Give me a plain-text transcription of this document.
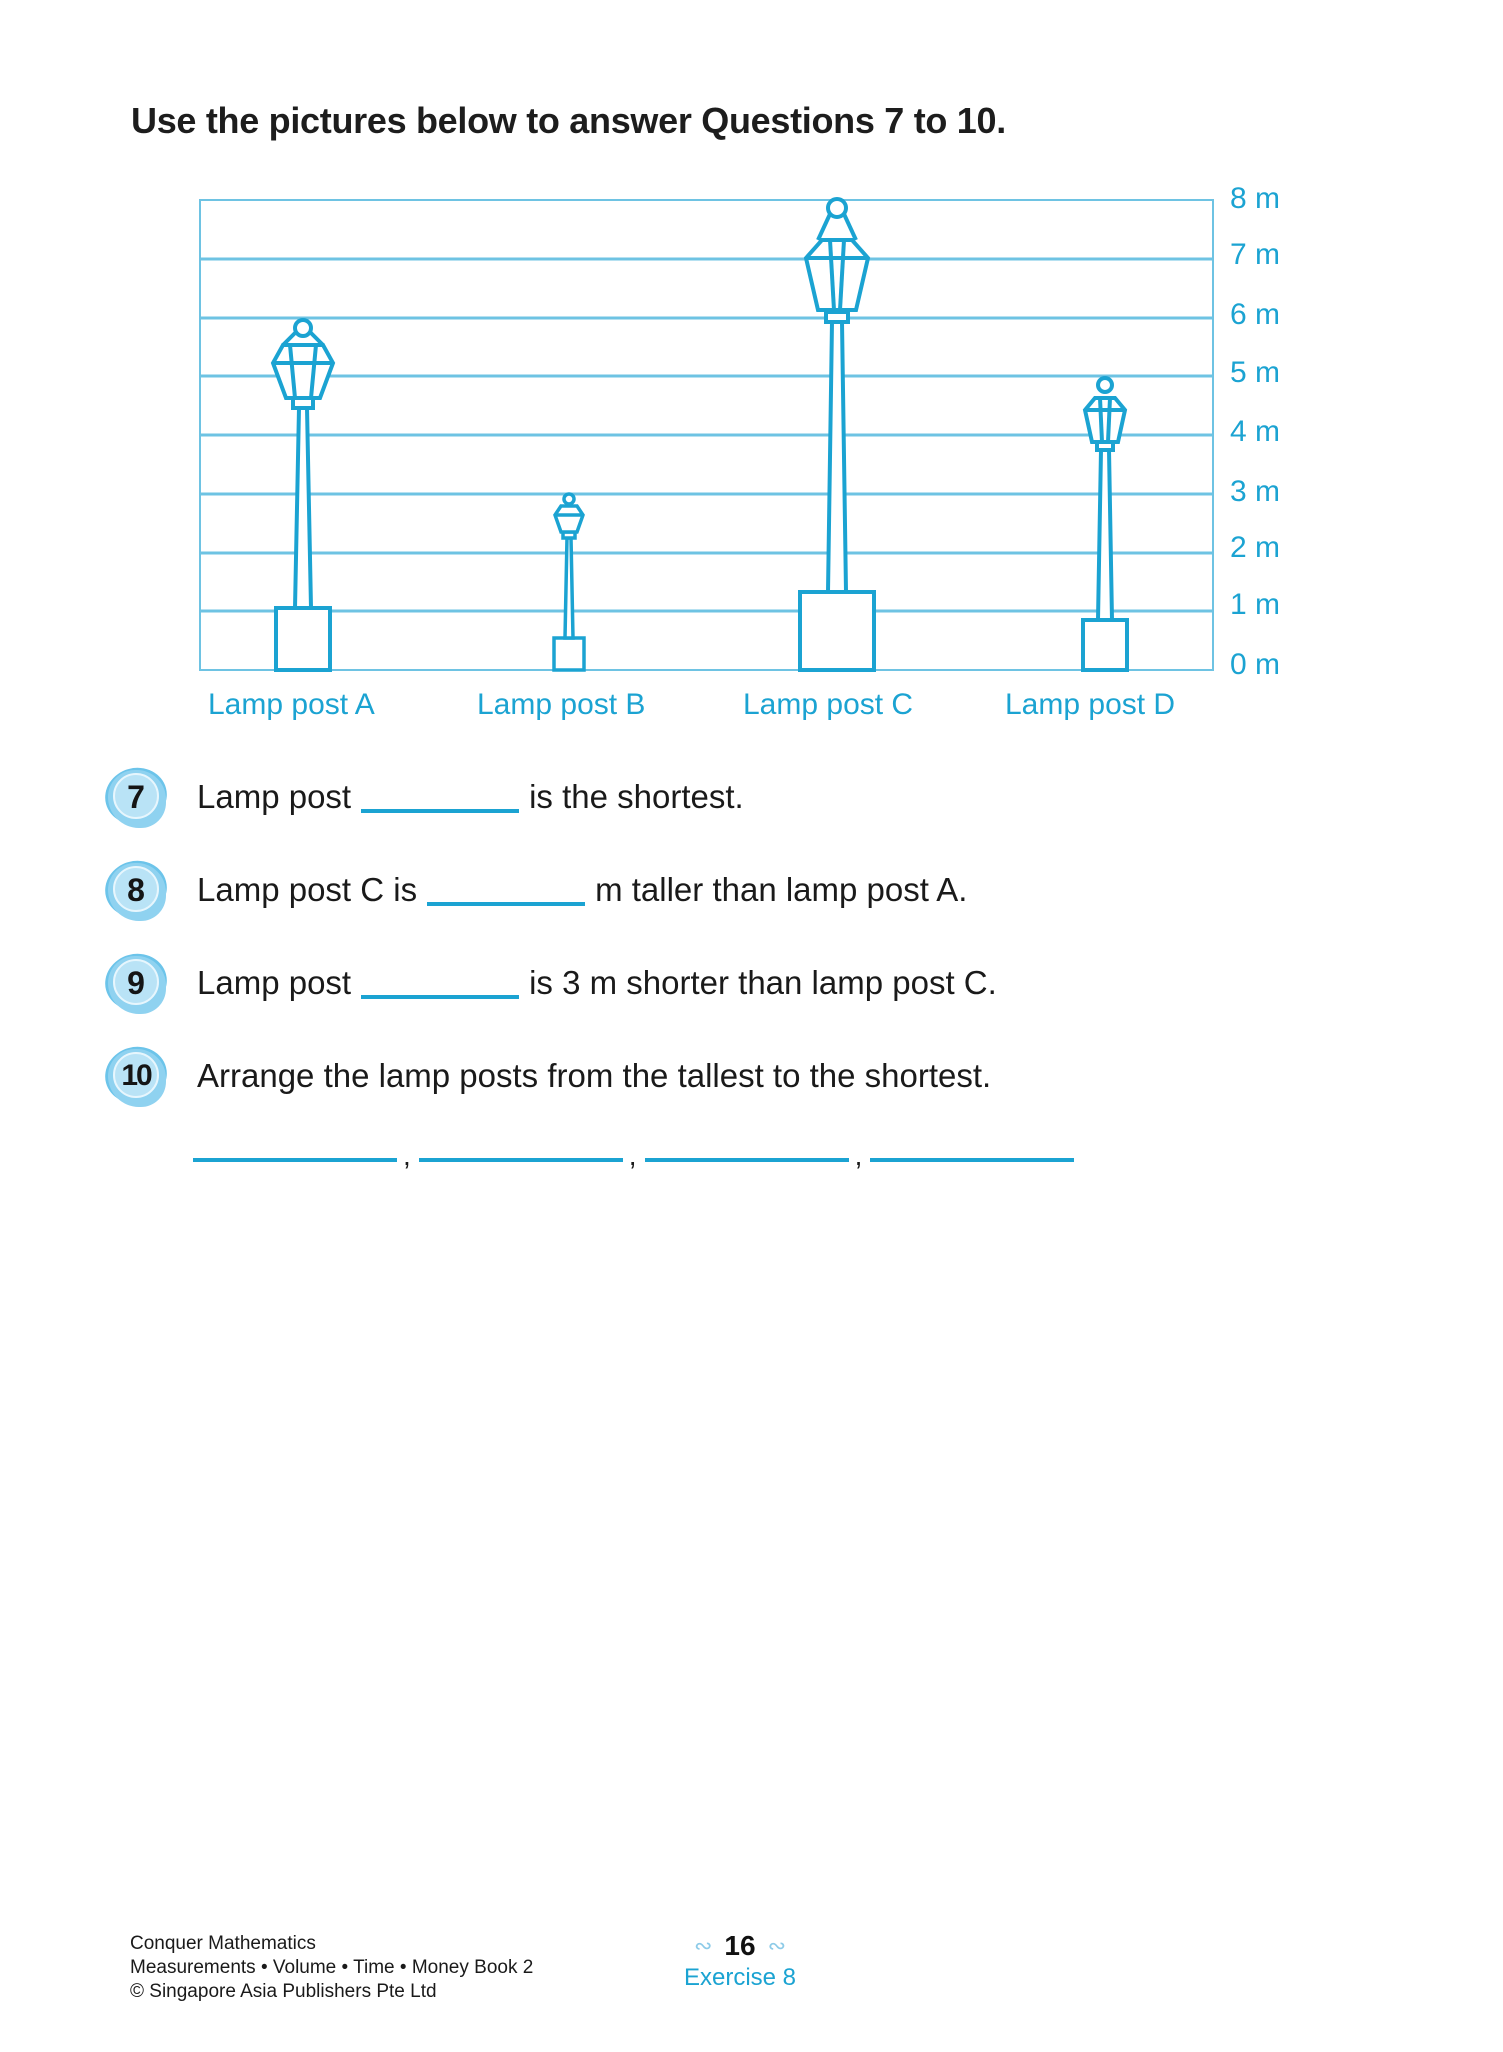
Use the pictures below to answer Questions 7 to 10.
8 m
7 m
6 m
5 m
4 m
3 m
2 m
1 m
0 m
Lamp post A	Lamp post B	Lamp post C	Lamp post D
7	Lamp post	is the shortest.
8	Lamp post C is	m taller than lamp post A.
9	Lamp post	is 3 m shorter than lamp post C.
10	Arrange the lamp posts from the tallest to the shortest.
,	,	,
Conquer Mathematics
Measurements • Volume • Time • Money Book 2
© Singapore Asia Publishers Pte Ltd
∾ 16 ∾
Exercise 8
